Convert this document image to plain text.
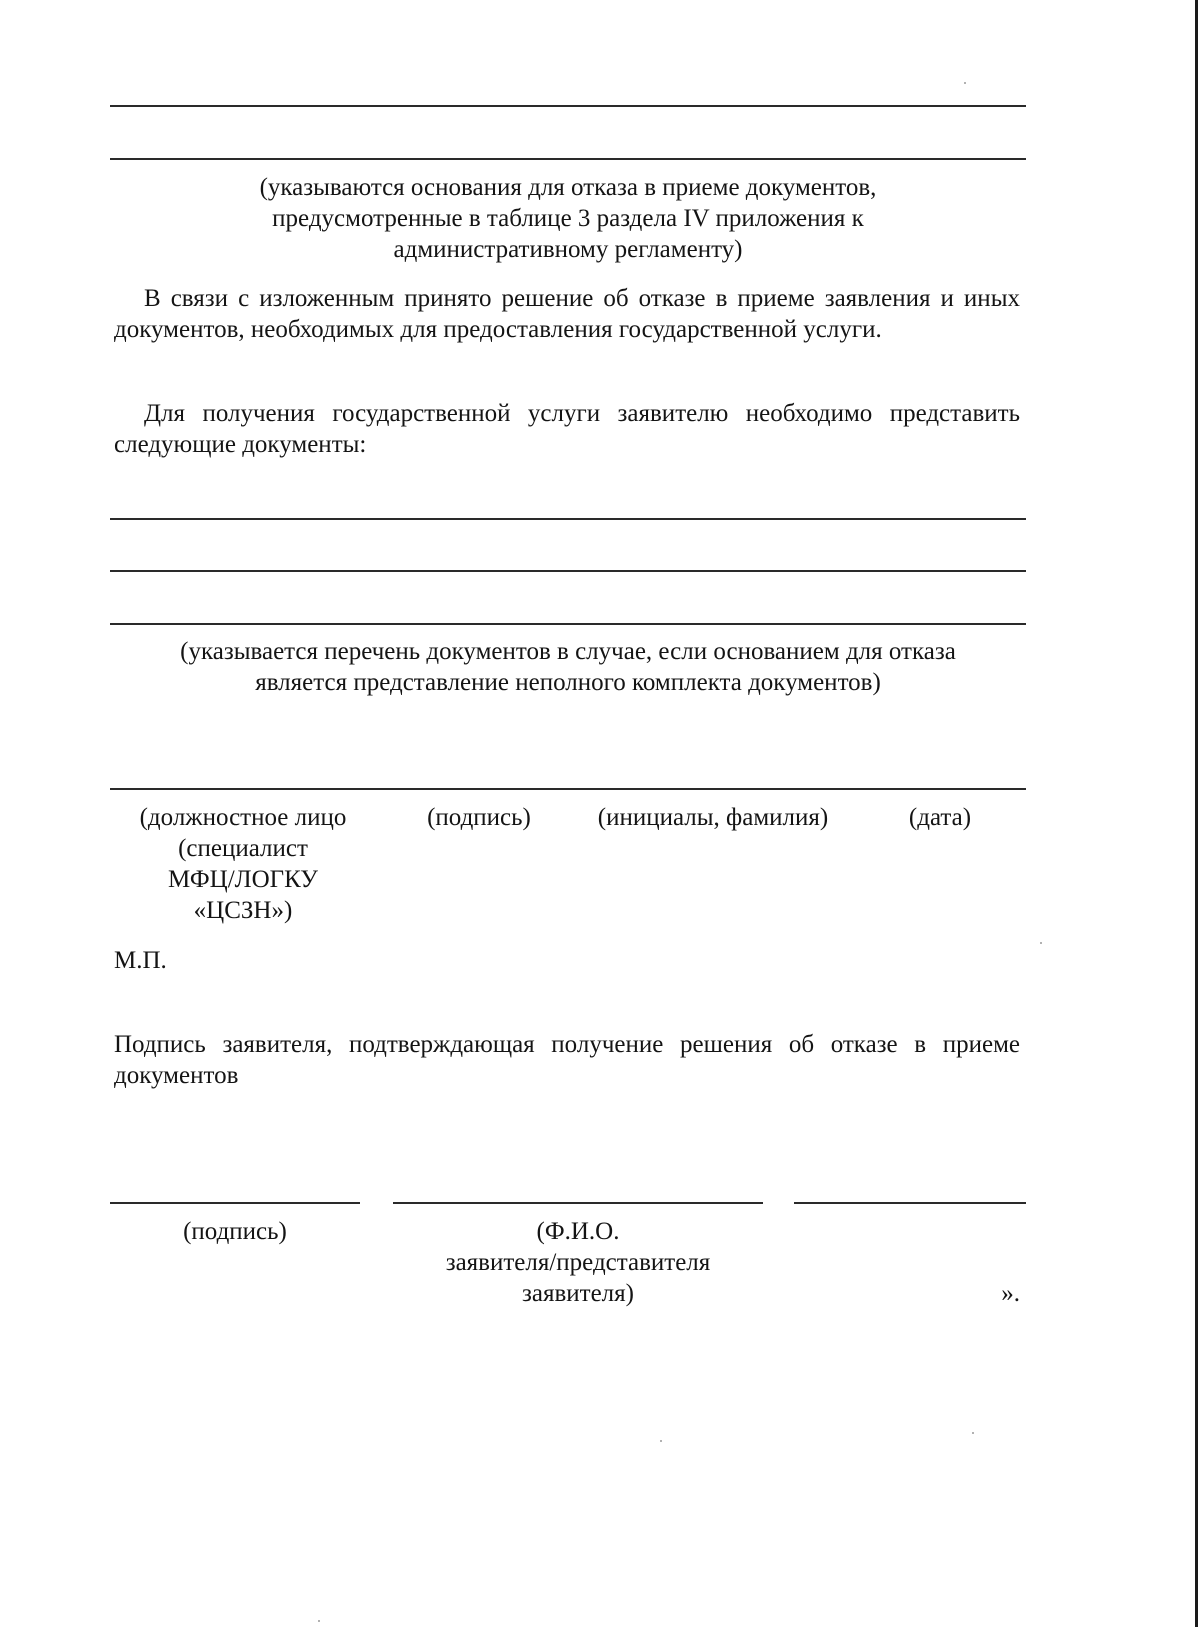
(указываются основания для отказа в приеме документов,
предусмотренные в таблице 3 раздела IV приложения к
административному регламенту)
В связи с изложенным принято решение об отказе в приеме заявления и иных документов, необходимых для предоставления государственной услуги.
Для получения государственной услуги заявителю необходимо представить следующие документы:
(указывается перечень документов в случае, если основанием для отказа
является представление неполного комплекта документов)
(должностное лицо
(специалист
МФЦ/ЛОГКУ
«ЦСЗН»)
(подпись)	(инициалы, фамилия)	(дата)
М.П.
Подпись заявителя, подтверждающая получение решения об отказе в приеме документов
(подпись)	(Ф.И.О.
заявителя/представителя
заявителя)	».
